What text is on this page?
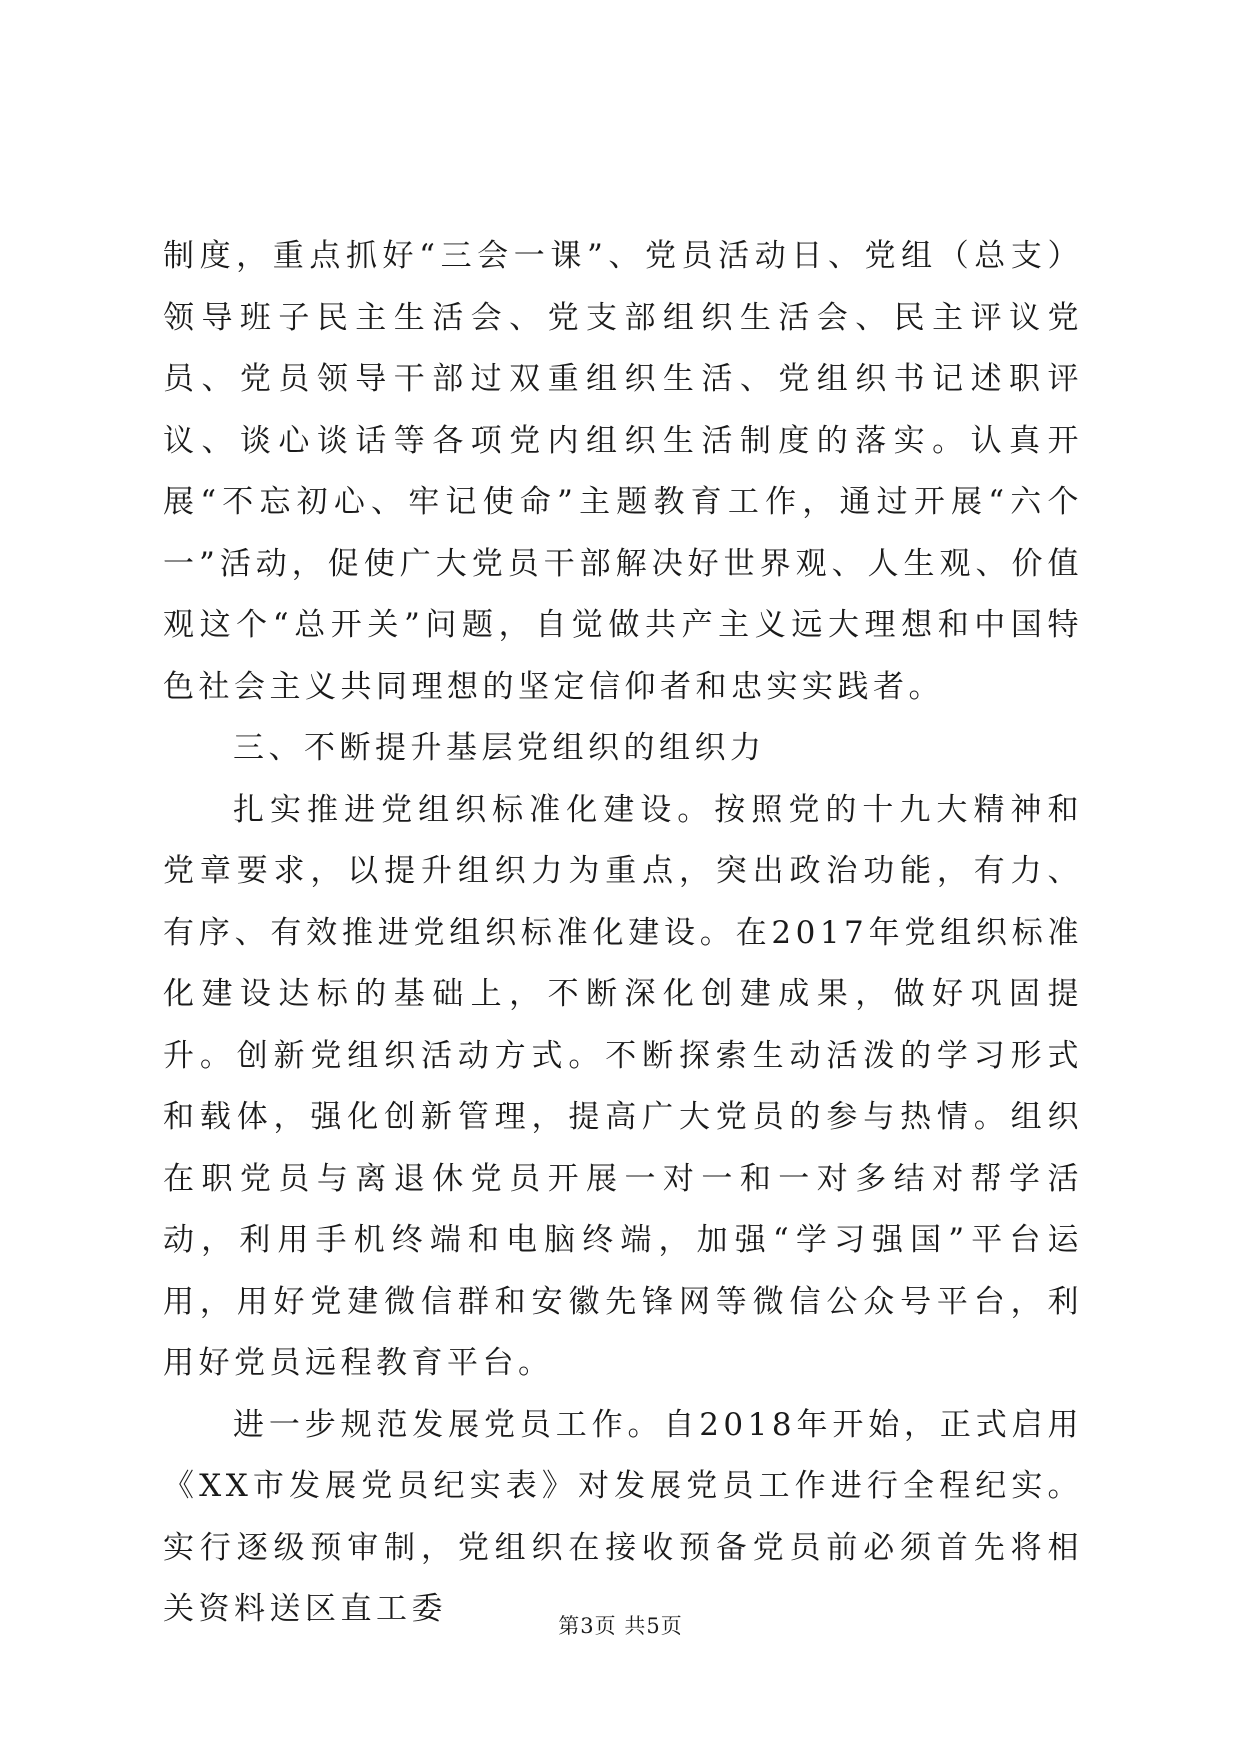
制度，重点抓好“三会一课”、党员活动日、党组（总支）领导班子民主生活会、党支部组织生活会、民主评议党员、党员领导干部过双重组织生活、党组织书记述职评议、谈心谈话等各项党内组织生活制度的落实。认真开展“不忘初心、牢记使命”主题教育工作，通过开展“六个一”活动，促使广大党员干部解决好世界观、人生观、价值观这个“总开关”问题，自觉做共产主义远大理想和中国特色社会主义共同理想的坚定信仰者和忠实实践者。

三、不断提升基层党组织的组织力

扎实推进党组织标准化建设。按照党的十九大精神和党章要求，以提升组织力为重点，突出政治功能，有力、有序、有效推进党组织标准化建设。在2017年党组织标准化建设达标的基础上，不断深化创建成果，做好巩固提升。创新党组织活动方式。不断探索生动活泼的学习形式和载体，强化创新管理，提高广大党员的参与热情。组织在职党员与离退休党员开展一对一和一对多结对帮学活动，利用手机终端和电脑终端，加强“学习强国”平台运用，用好党建微信群和安徽先锋网等微信公众号平台，利用好党员远程教育平台。

进一步规范发展党员工作。自2018年开始，正式启用《XX市发展党员纪实表》对发展党员工作进行全程纪实。实行逐级预审制，党组织在接收预备党员前必须首先将相关资料送区直工委	第3页 共5页
